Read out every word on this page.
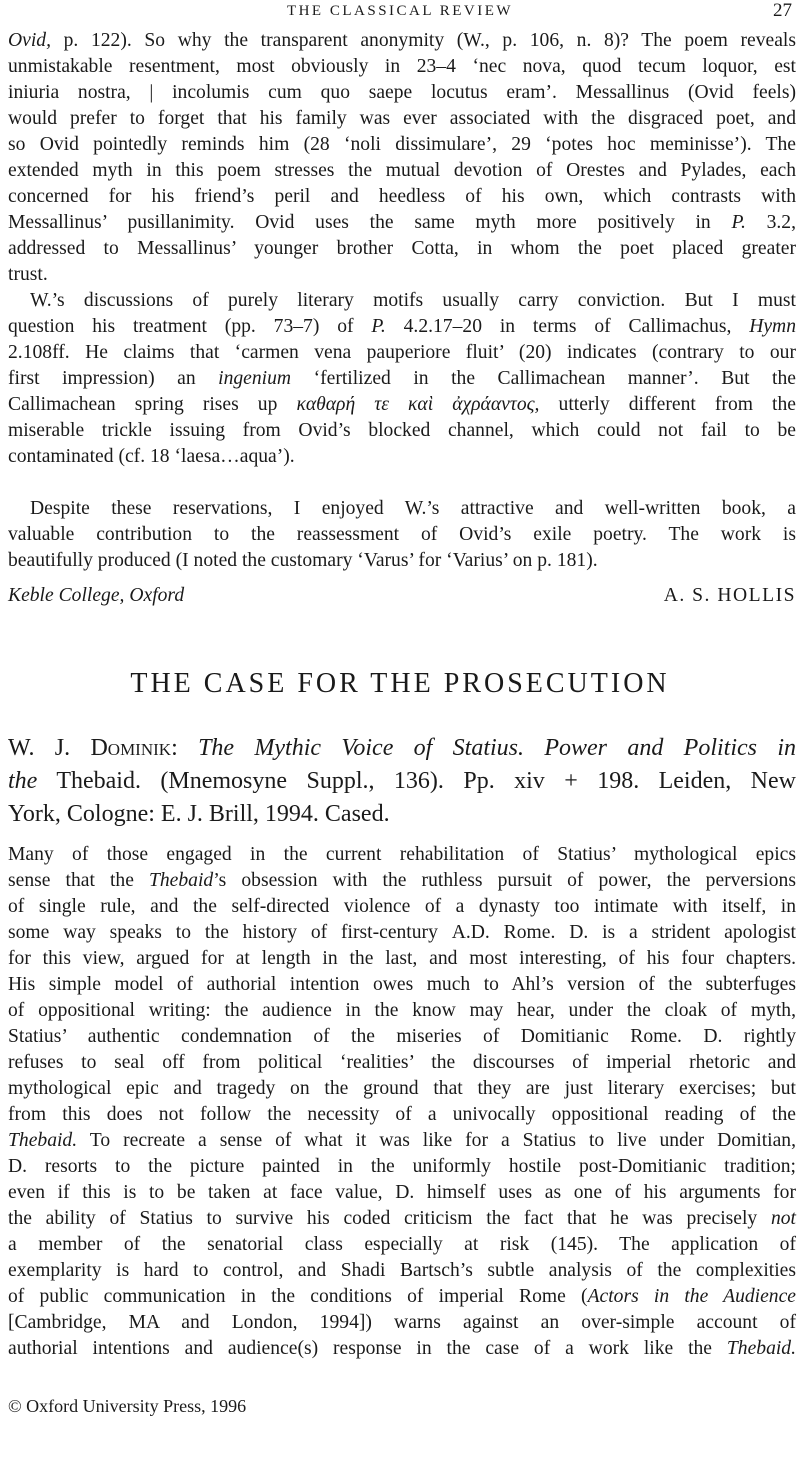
THE CLASSICAL REVIEW	27

Ovid, p. 122). So why the transparent anonymity (W., p. 106, n. 8)? The poem reveals

unmistakable resentment, most obviously in 23–4 ‘nec nova, quod tecum loquor, est

iniuria nostra, | incolumis cum quo saepe locutus eram’. Messallinus (Ovid feels)

would prefer to forget that his family was ever associated with the disgraced poet, and

so Ovid pointedly reminds him (28 ‘noli dissimulare’, 29 ‘potes hoc meminisse’). The

extended myth in this poem stresses the mutual devotion of Orestes and Pylades, each

concerned for his friend’s peril and heedless of his own, which contrasts with

Messallinus’ pusillanimity. Ovid uses the same myth more positively in P. 3.2,

addressed to Messallinus’ younger brother Cotta, in whom the poet placed greater

trust.

W.’s discussions of purely literary motifs usually carry conviction. But I must

question his treatment (pp. 73–7) of P. 4.2.17–20 in terms of Callimachus, Hymn

2.108ff. He claims that ‘carmen vena pauperiore fluit’ (20) indicates (contrary to our

first impression) an ingenium ‘fertilized in the Callimachean manner’. But the

Callimachean spring rises up καθαρή τε καὶ ἀχράαντος, utterly different from the

miserable trickle issuing from Ovid’s blocked channel, which could not fail to be

contaminated (cf. 18 ‘laesa…aqua’).

Despite these reservations, I enjoyed W.’s attractive and well-written book, a

valuable contribution to the reassessment of Ovid’s exile poetry. The work is

beautifully produced (I noted the customary ‘Varus’ for ‘Varius’ on p. 181).

Keble College, Oxford	A. S. HOLLIS
THE CASE FOR THE PROSECUTION

W. J. Dominik: The Mythic Voice of Statius. Power and Politics in

the Thebaid. (Mnemosyne Suppl., 136). Pp. xiv + 198. Leiden, New

York, Cologne: E. J. Brill, 1994. Cased.

Many of those engaged in the current rehabilitation of Statius’ mythological epics

sense that the Thebaid’s obsession with the ruthless pursuit of power, the perversions

of single rule, and the self-directed violence of a dynasty too intimate with itself, in

some way speaks to the history of first-century A.D. Rome. D. is a strident apologist

for this view, argued for at length in the last, and most interesting, of his four chapters.

His simple model of authorial intention owes much to Ahl’s version of the subterfuges

of oppositional writing: the audience in the know may hear, under the cloak of myth,

Statius’ authentic condemnation of the miseries of Domitianic Rome. D. rightly

refuses to seal off from political ‘realities’ the discourses of imperial rhetoric and

mythological epic and tragedy on the ground that they are just literary exercises; but

from this does not follow the necessity of a univocally oppositional reading of the

Thebaid. To recreate a sense of what it was like for a Statius to live under Domitian,

D. resorts to the picture painted in the uniformly hostile post-Domitianic tradition;

even if this is to be taken at face value, D. himself uses as one of his arguments for

the ability of Statius to survive his coded criticism the fact that he was precisely not

a member of the senatorial class especially at risk (145). The application of

exemplarity is hard to control, and Shadi Bartsch’s subtle analysis of the complexities

of public communication in the conditions of imperial Rome (Actors in the Audience

[Cambridge, MA and London, 1994]) warns against an over-simple account of

authorial intentions and audience(s) response in the case of a work like the Thebaid.

© Oxford University Press, 1996
